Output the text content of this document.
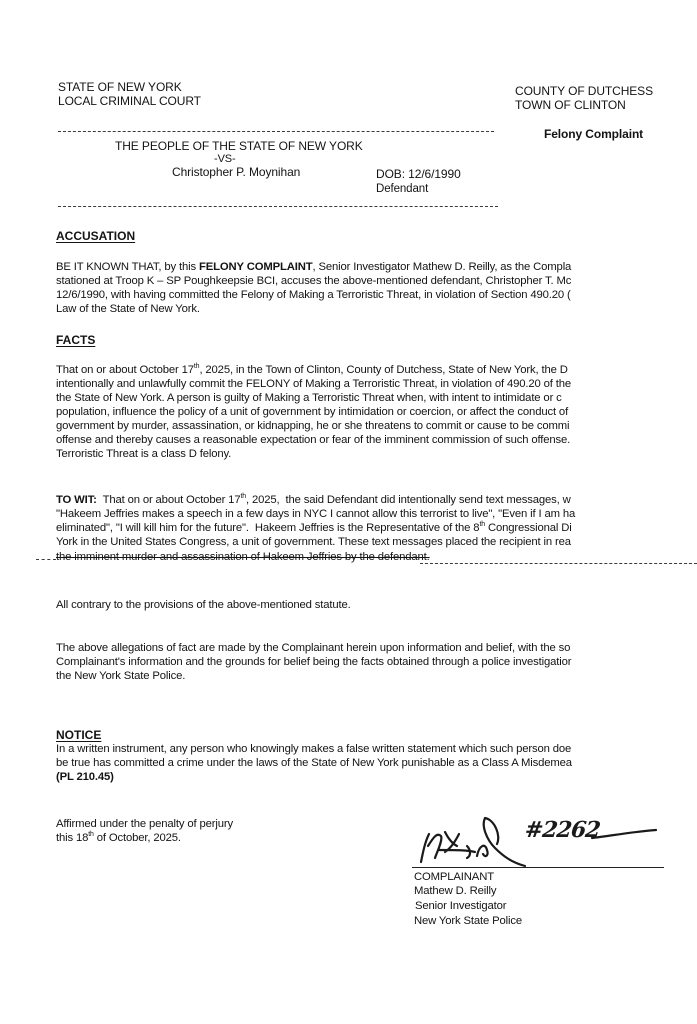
STATE OF NEW YORK
LOCAL CRIMINAL COURT
COUNTY OF DUTCHESS
TOWN OF CLINTON
Felony Complaint
THE PEOPLE OF THE STATE OF NEW YORK
-VS-
Christopher P. Moynihan	DOB: 12/6/1990
Defendant
ACCUSATION
BE IT KNOWN THAT, by this FELONY COMPLAINT, Senior Investigator Mathew D. Reilly, as the Compla
stationed at Troop K – SP Poughkeepsie BCI, accuses the above-mentioned defendant, Christopher T. Mc
12/6/1990, with having committed the Felony of Making a Terroristic Threat, in violation of Section 490.20 (
Law of the State of New York.
FACTS
That on or about October 17th, 2025, in the Town of Clinton, County of Dutchess, State of New York, the D
intentionally and unlawfully commit the FELONY of Making a Terroristic Threat, in violation of 490.20 of the
the State of New York. A person is guilty of Making a Terroristic Threat when, with intent to intimidate or c
population, influence the policy of a unit of government by intimidation or coercion, or affect the conduct of
government by murder, assassination, or kidnapping, he or she threatens to commit or cause to be commi
offense and thereby causes a reasonable expectation or fear of the imminent commission of such offense.
Terroristic Threat is a class D felony.
TO WIT:  That on or about October 17th, 2025,  the said Defendant did intentionally send text messages, w
"Hakeem Jeffries makes a speech in a few days in NYC I cannot allow this terrorist to live", "Even if I am ha
eliminated", "I will kill him for the future".  Hakeem Jeffries is the Representative of the 8th Congressional Di
York in the United States Congress, a unit of government. These text messages placed the recipient in rea
the imminent murder and assassination of Hakeem Jeffries by the defendant.
All contrary to the provisions of the above-mentioned statute.
The above allegations of fact are made by the Complainant herein upon information and belief, with the so
Complainant's information and the grounds for belief being the facts obtained through a police investigatior
the New York State Police.
NOTICE
In a written instrument, any person who knowingly makes a false written statement which such person doe
be true has committed a crime under the laws of the State of New York punishable as a Class A Misdemea
(PL 210.45)
Affirmed under the penalty of perjury
this 18th of October, 2025.	#2262
COMPLAINANT
Mathew D. Reilly
Senior Investigator
New York State Police
